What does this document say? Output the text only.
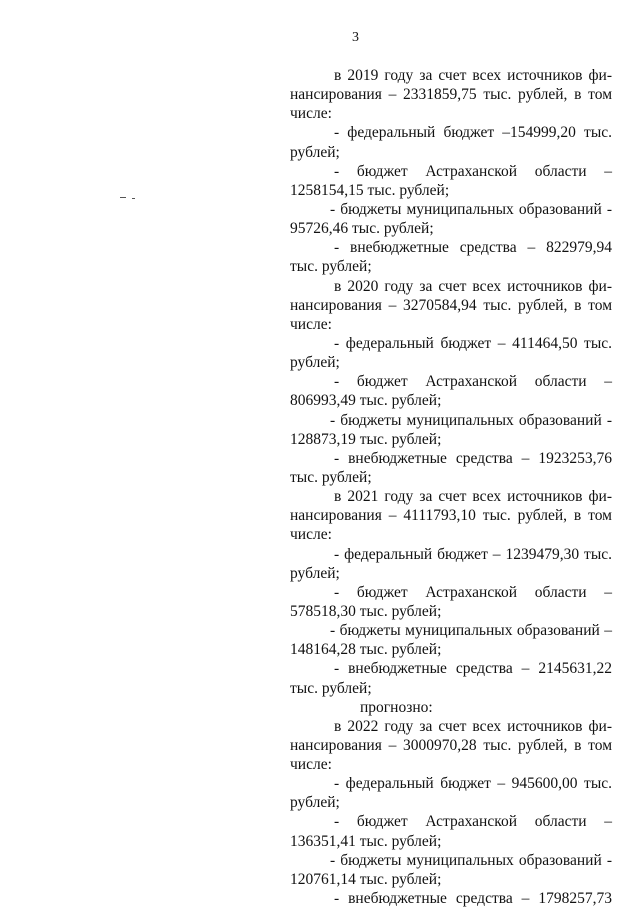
3
в 2019 году за счет всех источников фи-
нансирования – 2331859,75 тыс. рублей, в том
числе:
- федеральный бюджет –154999,20 тыс.
рублей;
- бюджет Астраханской области –
1258154,15 тыс. рублей;
- бюджеты муниципальных образований -
95726,46 тыс. рублей;
- внебюджетные средства – 822979,94
тыс. рублей;
в 2020 году за счет всех источников фи-
нансирования – 3270584,94 тыс. рублей, в том
числе:
- федеральный бюджет – 411464,50 тыс.
рублей;
- бюджет Астраханской области –
806993,49 тыс. рублей;
- бюджеты муниципальных образований -
128873,19 тыс. рублей;
- внебюджетные средства – 1923253,76
тыс. рублей;
в 2021 году за счет всех источников фи-
нансирования – 4111793,10 тыс. рублей, в том
числе:
- федеральный бюджет – 1239479,30 тыс.
рублей;
- бюджет Астраханской области –
578518,30 тыс. рублей;
- бюджеты муниципальных образований –
148164,28 тыс. рублей;
- внебюджетные средства – 2145631,22
тыс. рублей;
прогнозно:
в 2022 году за счет всех источников фи-
нансирования – 3000970,28 тыс. рублей, в том
числе:
- федеральный бюджет – 945600,00 тыс.
рублей;
- бюджет Астраханской области –
136351,41 тыс. рублей;
- бюджеты муниципальных образований -
120761,14 тыс. рублей;
- внебюджетные средства – 1798257,73
